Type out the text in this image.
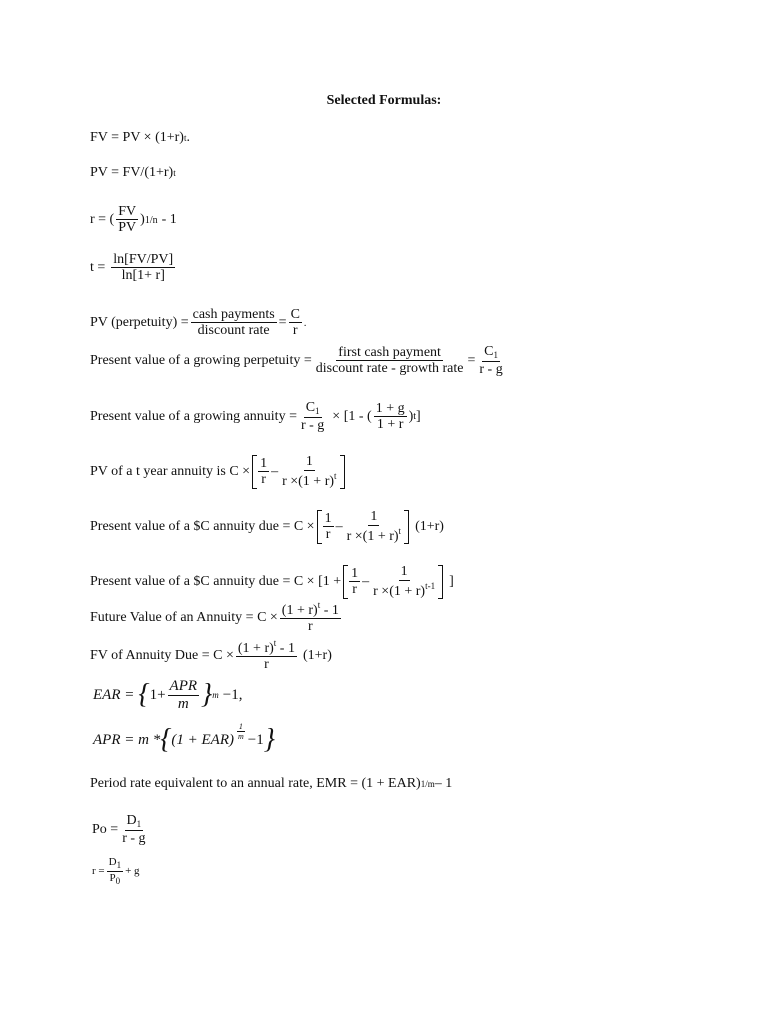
Selected Formulas:
FV = PV × (1+r) t .
PV = FV/(1+r) t
r = (
FV
PV
) 1/n - 1
t =
ln[FV/PV]
ln[1+ r]
PV (perpetuity) =
cash payments
discount rate
= $\frac{C}{r}$ .
Present value of a growing perpetuity =
first cash payment
discount rate - growth rate
= $\frac{C_1}{r - g}$
Present value of a growing annuity = $\frac{C_1}{r - g} \times [1$ - (
1 + g
1 + r
) t ]
PV of a t year annuity is C ×
1
r
–
1
$r \times(1 + r)^t$
Present value of a $C annuity due = C ×
1
r
–
1
$r \times(1 + r)^t$ (1+r)
Present value of a $C annuity due = C × [1 +
1
r
–
1
$r \times(1 + r)^{t-1}$ ]
Future Value of an Annuity = $C \times \frac{(1 + r)^t - 1}{r}$
FV of Annuity Due = $C \times \frac{(1 + r)^t - 1}{r} (1+r)$
EAR = { 1+
APR
m } m −1,
APR = m * { (1 + EAR)
1
m −1 }
Period rate equivalent to an annual rate, EMR = (1 + EAR) 1/m – 1
$Po = \frac{D_1}{r - g}$
$r = \frac{D_1}{P_0} + g$
